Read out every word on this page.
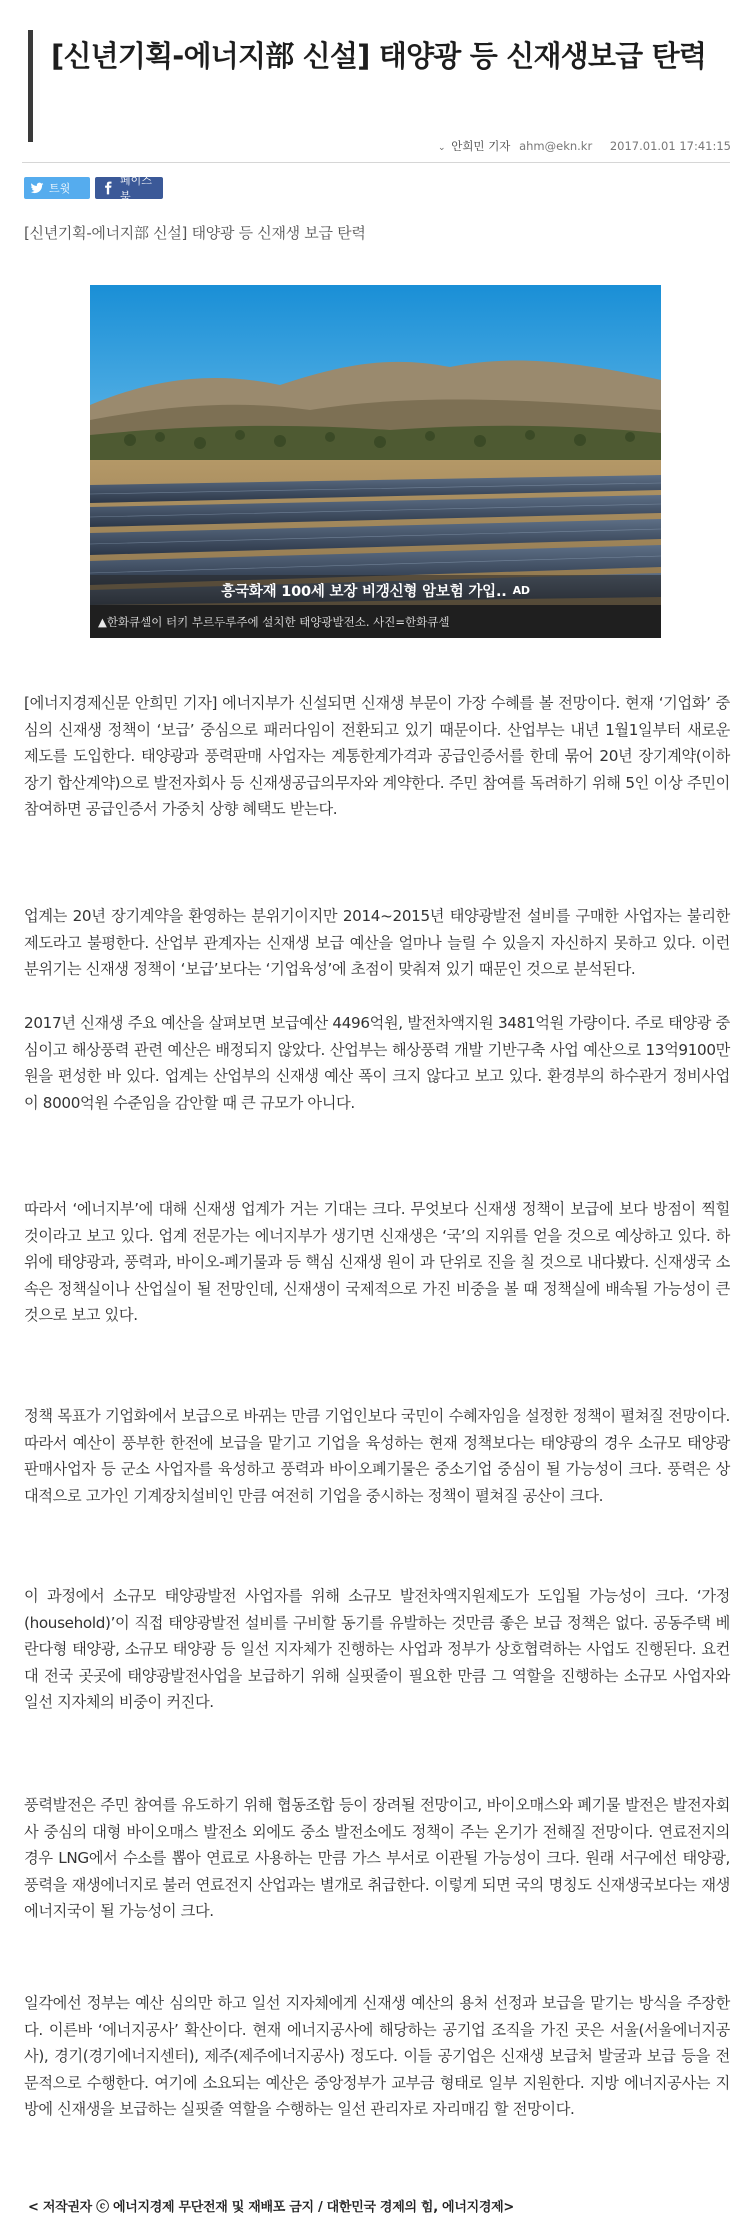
[신년기획-에너지部 신설] 태양광 등 신재생보급 탄력
⌄ 안희민 기자 ahm@ekn.kr 2017.01.01 17:41:15
트윗
페이스북
[신년기획-에너지部 신설] 태양광 등 신재생 보급 탄력
흥국화재 100세 보장 비갱신형 암보험 가입.. AD
▲한화큐셀이 터키 부르두루주에 설치한 태양광발전소. 사진=한화큐셀

[에너지경제신문 안희민 기자] 에너지부가 신설되면 신재생 부문이 가장 수혜를 볼 전망이다. 현재 ‘기업화’ 중심의 신재생 정책이 ‘보급’ 중심으로 패러다임이 전환되고 있기 때문이다. 산업부는 내년 1월1일부터 새로운 제도를 도입한다. 태양광과 풍력판매 사업자는 계통한계가격과 공급인증서를 한데 묶어 20년 장기계약(이하 장기 합산계약)으로 발전자회사 등 신재생공급의무자와 계약한다. 주민 참여를 독려하기 위해 5인 이상 주민이 참여하면 공급인증서 가중치 상향 혜택도 받는다.

업계는 20년 장기계약을 환영하는 분위기이지만 2014~2015년 태양광발전 설비를 구매한 사업자는 불리한 제도라고 불평한다. 산업부 관계자는 신재생 보급 예산을 얼마나 늘릴 수 있을지 자신하지 못하고 있다. 이런 분위기는 신재생 정책이 ‘보급’보다는 ‘기업육성’에 초점이 맞춰져 있기 때문인 것으로 분석된다.

2017년 신재생 주요 예산을 살펴보면 보급예산 4496억원, 발전차액지원 3481억원 가량이다. 주로 태양광 중심이고 해상풍력 관련 예산은 배정되지 않았다. 산업부는 해상풍력 개발 기반구축 사업 예산으로 13억9100만원을 편성한 바 있다. 업계는 산업부의 신재생 예산 폭이 크지 않다고 보고 있다. 환경부의 하수관거 정비사업이 8000억원 수준임을 감안할 때 큰 규모가 아니다.

따라서 ‘에너지부’에 대해 신재생 업계가 거는 기대는 크다. 무엇보다 신재생 정책이 보급에 보다 방점이 찍힐 것이라고 보고 있다. 업계 전문가는 에너지부가 생기면 신재생은 ‘국’의 지위를 얻을 것으로 예상하고 있다. 하위에 태양광과, 풍력과, 바이오-폐기물과 등 핵심 신재생 원이 과 단위로 진을 칠 것으로 내다봤다. 신재생국 소속은 정책실이나 산업실이 될 전망인데, 신재생이 국제적으로 가진 비중을 볼 때 정책실에 배속될 가능성이 큰 것으로 보고 있다.

정책 목표가 기업화에서 보급으로 바뀌는 만큼 기업인보다 국민이 수혜자임을 설정한 정책이 펼쳐질 전망이다. 따라서 예산이 풍부한 한전에 보급을 맡기고 기업을 육성하는 현재 정책보다는 태양광의 경우 소규모 태양광 판매사업자 등 군소 사업자를 육성하고 풍력과 바이오폐기물은 중소기업 중심이 될 가능성이 크다. 풍력은 상대적으로 고가인 기계장치설비인 만큼 여전히 기업을 중시하는 정책이 펼쳐질 공산이 크다.

이 과정에서 소규모 태양광발전 사업자를 위해 소규모 발전차액지원제도가 도입될 가능성이 크다. ‘가정(household)’이 직접 태양광발전 설비를 구비할 동기를 유발하는 것만큼 좋은 보급 정책은 없다. 공동주택 베란다형 태양광, 소규모 태양광 등 일선 지자체가 진행하는 사업과 정부가 상호협력하는 사업도 진행된다. 요컨대 전국 곳곳에 태양광발전사업을 보급하기 위해 실핏줄이 필요한 만큼 그 역할을 진행하는 소규모 사업자와 일선 지자체의 비중이 커진다.

풍력발전은 주민 참여를 유도하기 위해 협동조합 등이 장려될 전망이고, 바이오매스와 폐기물 발전은 발전자회사 중심의 대형 바이오매스 발전소 외에도 중소 발전소에도 정책이 주는 온기가 전해질 전망이다. 연료전지의 경우 LNG에서 수소를 뽑아 연료로 사용하는 만큼 가스 부서로 이관될 가능성이 크다. 원래 서구에선 태양광, 풍력을 재생에너지로 불러 연료전지 산업과는 별개로 취급한다. 이렇게 되면 국의 명칭도 신재생국보다는 재생에너지국이 될 가능성이 크다.

일각에선 정부는 예산 심의만 하고 일선 지자체에게 신재생 예산의 용처 선정과 보급을 맡기는 방식을 주장한다. 이른바 ‘에너지공사’ 확산이다. 현재 에너지공사에 해당하는 공기업 조직을 가진 곳은 서울(서울에너지공사), 경기(경기에너지센터), 제주(제주에너지공사) 정도다. 이들 공기업은 신재생 보급처 발굴과 보급 등을 전문적으로 수행한다. 여기에 소요되는 예산은 중앙정부가 교부금 형태로 일부 지원한다. 지방 에너지공사는 지방에 신재생을 보급하는 실핏줄 역할을 수행하는 일선 관리자로 자리매김 할 전망이다.

< 저작권자 ⓒ 에너지경제 무단전재 및 재배포 금지 / 대한민국 경제의 힘, 에너지경제>
